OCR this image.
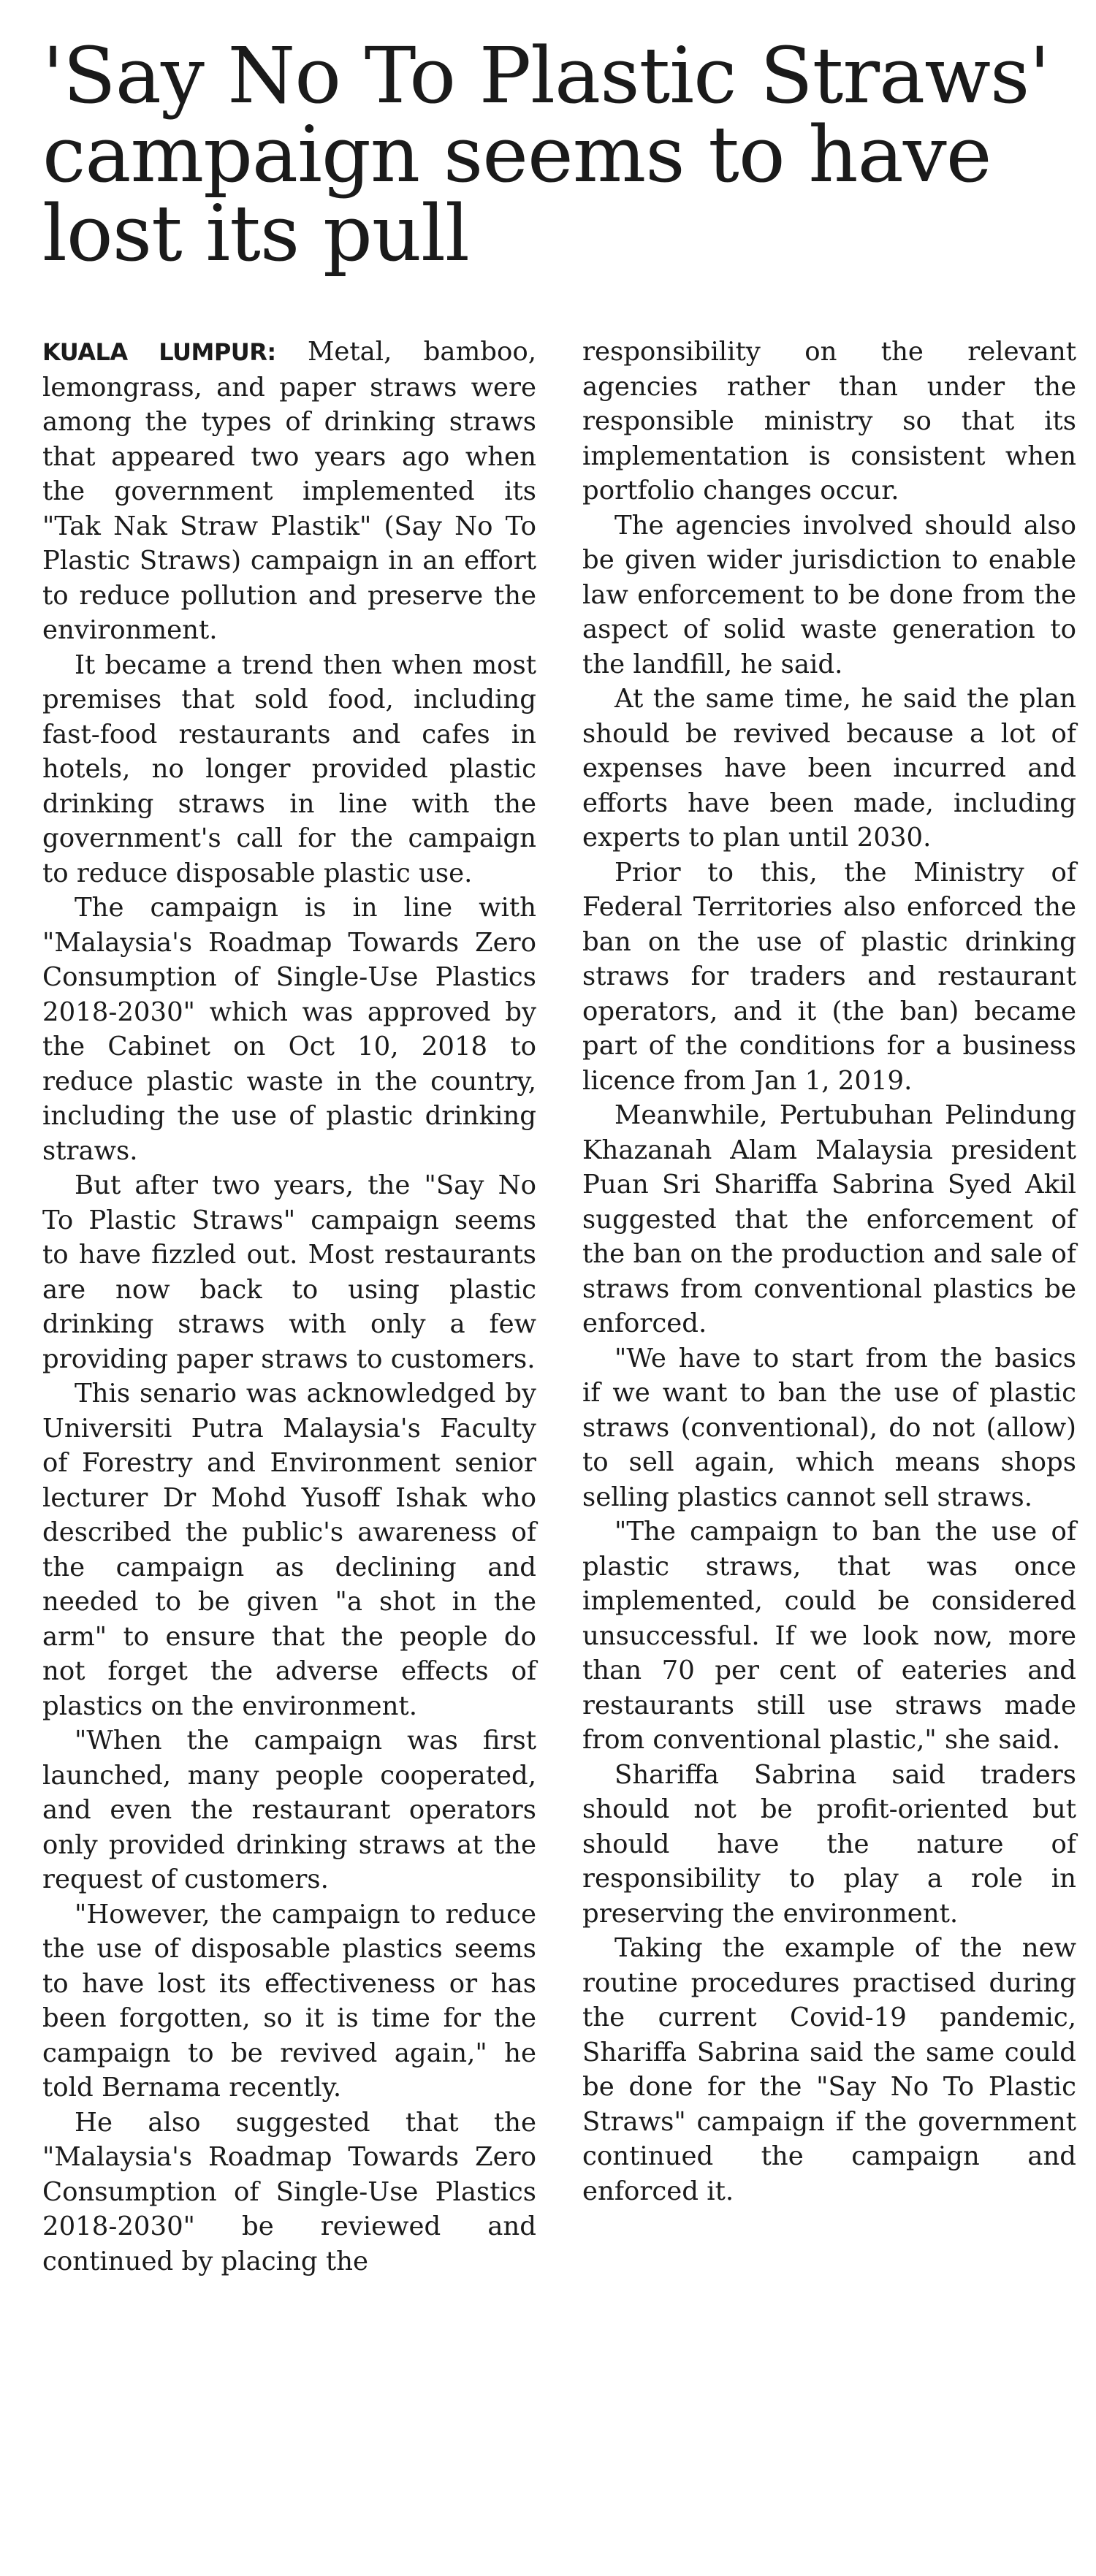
'Say No To Plastic Straws' campaign seems to have lost its pull

KUALA LUMPUR: Metal, bamboo, lemongrass, and paper straws were among the types of drinking straws that appeared two years ago when the government implemented its "Tak Nak Straw Plastik" (Say No To Plastic Straws) campaign in an effort to reduce pollution and preserve the environment.

It became a trend then when most premises that sold food, including fast-food restaurants and cafes in hotels, no longer provided plastic drinking straws in line with the government's call for the campaign to reduce disposable plastic use.

The campaign is in line with "Malaysia's Roadmap Towards Zero Consumption of Single-Use Plastics 2018-2030" which was approved by the Cabinet on Oct 10, 2018 to reduce plastic waste in the country, including the use of plastic drinking straws.

But after two years, the "Say No To Plastic Straws" campaign seems to have fizzled out. Most restaurants are now back to using plastic drinking straws with only a few providing paper straws to customers.

This senario was acknowledged by Universiti Putra Malaysia's Faculty of Forestry and Environment senior lecturer Dr Mohd Yusoff Ishak who described the public's awareness of the campaign as declining and needed to be given "a shot in the arm" to ensure that the people do not forget the adverse effects of plastics on the environment.

"When the campaign was first launched, many people cooperated, and even the restaurant operators only provided drinking straws at the request of customers.

"However, the campaign to reduce the use of disposable plastics seems to have lost its effectiveness or has been forgotten, so it is time for the campaign to be revived again," he told Bernama recently.

He also suggested that the "Malaysia's Roadmap Towards Zero Consumption of Single-Use Plastics 2018-2030" be reviewed and continued by placing the

responsibility on the relevant agencies rather than under the responsible ministry so that its implementation is consistent when portfolio changes occur.

The agencies involved should also be given wider jurisdiction to enable law enforcement to be done from the aspect of solid waste generation to the landfill, he said.

At the same time, he said the plan should be revived because a lot of expenses have been incurred and efforts have been made, including experts to plan until 2030.

Prior to this, the Ministry of Federal Territories also enforced the ban on the use of plastic drinking straws for traders and restaurant operators, and it (the ban) became part of the conditions for a business licence from Jan 1, 2019.

Meanwhile, Pertubuhan Pelindung Khazanah Alam Malaysia president Puan Sri Shariffa Sabrina Syed Akil suggested that the enforcement of the ban on the production and sale of straws from conventional plastics be enforced.

"We have to start from the basics if we want to ban the use of plastic straws (conventional), do not (allow) to sell again, which means shops selling plastics cannot sell straws.

"The campaign to ban the use of plastic straws, that was once implemented, could be considered unsuccessful. If we look now, more than 70 per cent of eateries and restaurants still use straws made from conventional plastic," she said.

Shariffa Sabrina said traders should not be profit-oriented but should have the nature of responsibility to play a role in preserving the environment.

Taking the example of the new routine procedures practised during the current Covid-19 pandemic, Shariffa Sabrina said the same could be done for the "Say No To Plastic Straws" campaign if the government continued the campaign and enforced it.
